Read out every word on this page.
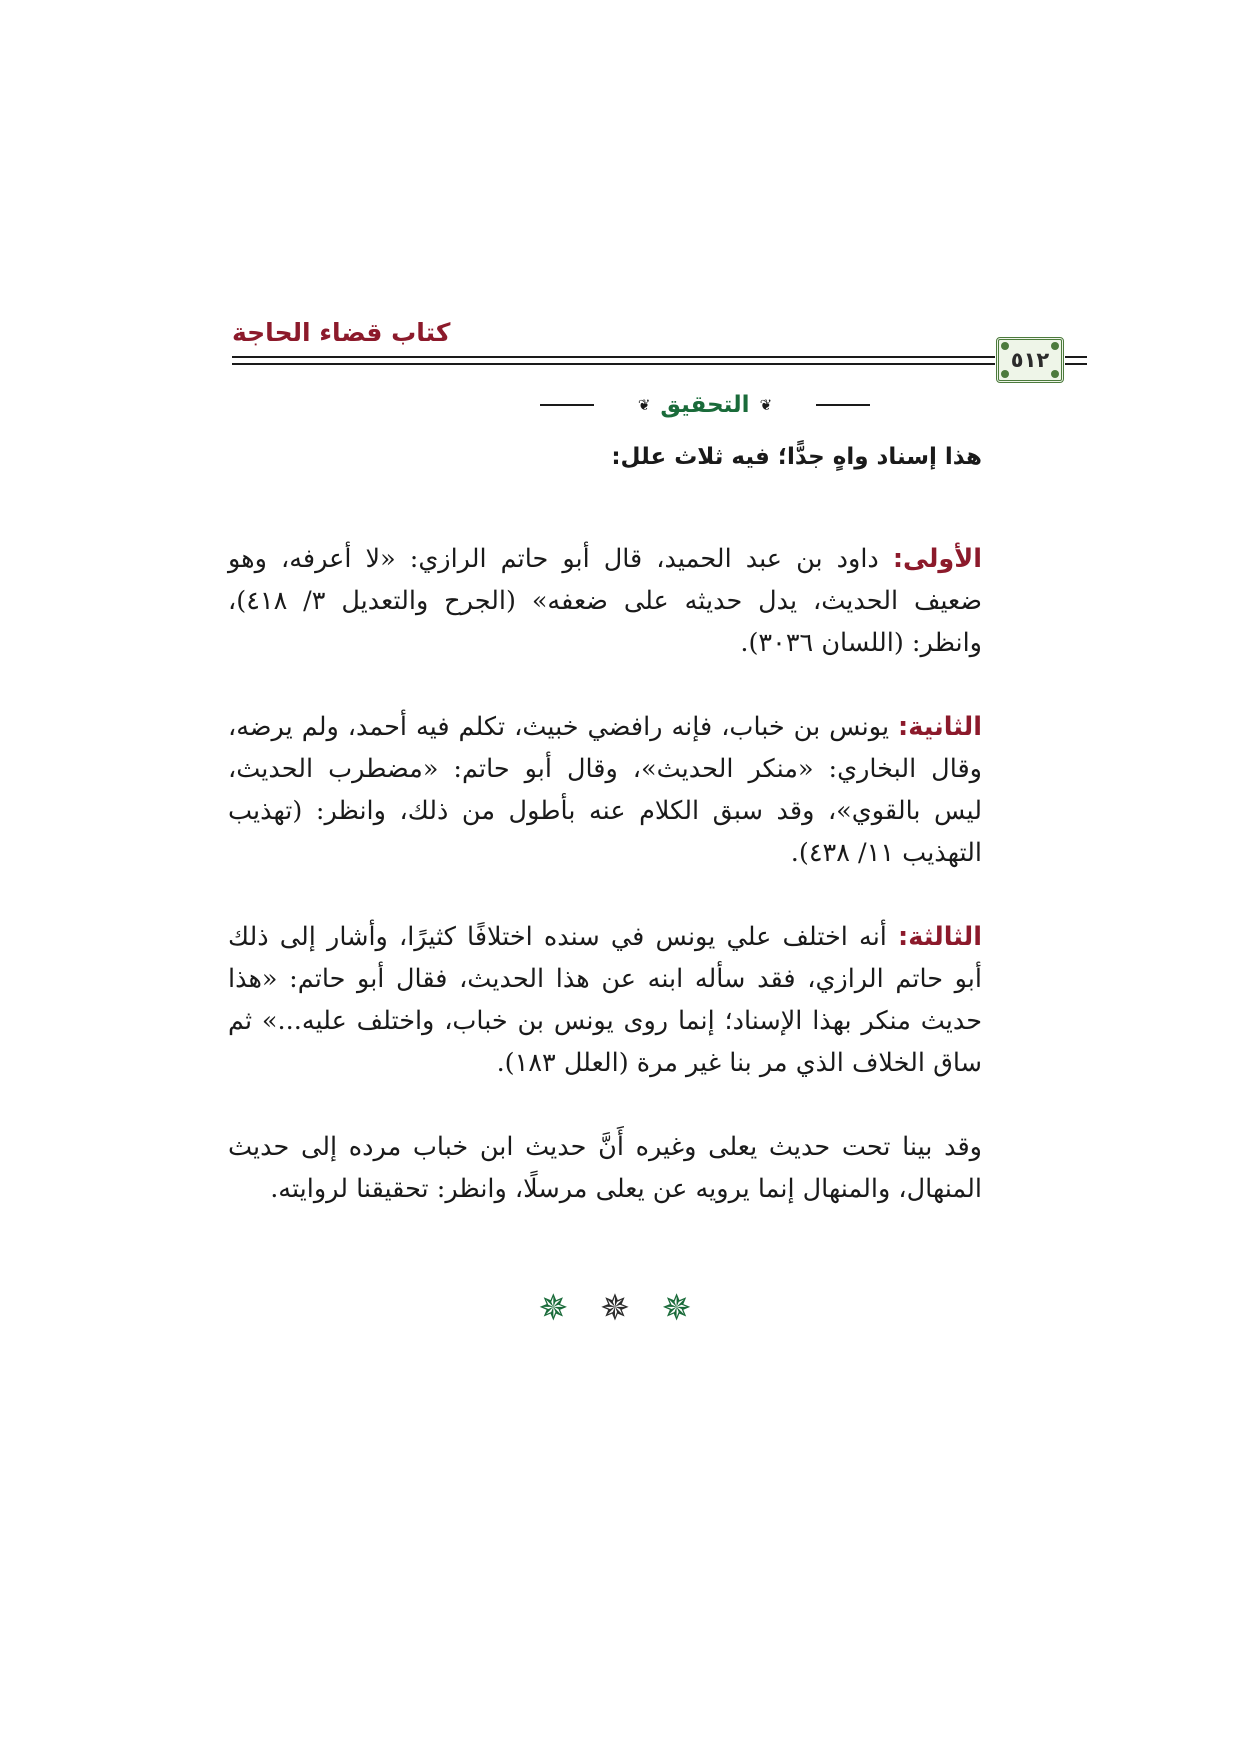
كتاب قضاء الحاجة
٥١٢
❦ التحقيق ❦
هذا إسناد واهٍ جدًّا؛ فيه ثلاث علل:

الأولى: داود بن عبد الحميد، قال أبو حاتم الرازي: «لا أعرفه، وهو ضعيف الحديث، يدل حديثه على ضعفه» (الجرح والتعديل ٣/ ٤١٨)، وانظر: (اللسان ٣٠٣٦).

الثانية: يونس بن خباب، فإنه رافضي خبيث، تكلم فيه أحمد، ولم يرضه، وقال البخاري: «منكر الحديث»، وقال أبو حاتم: «مضطرب الحديث، ليس بالقوي»، وقد سبق الكلام عنه بأطول من ذلك، وانظر: (تهذيب التهذيب ١١/ ٤٣٨).

الثالثة: أنه اختلف علي يونس في سنده اختلافًا كثيرًا، وأشار إلى ذلك أبو حاتم الرازي، فقد سأله ابنه عن هذا الحديث، فقال أبو حاتم: «هذا حديث منكر بهذا الإسناد؛ إنما روى يونس بن خباب، واختلف عليه...» ثم ساق الخلاف الذي مر بنا غير مرة (العلل ١٨٣).

وقد بينا تحت حديث يعلى وغيره أَنَّ حديث ابن خباب مرده إلى حديث المنهال، والمنهال إنما يرويه عن يعلى مرسلًا، وانظر: تحقيقنا لروايته.

✵ ✵ ✵
